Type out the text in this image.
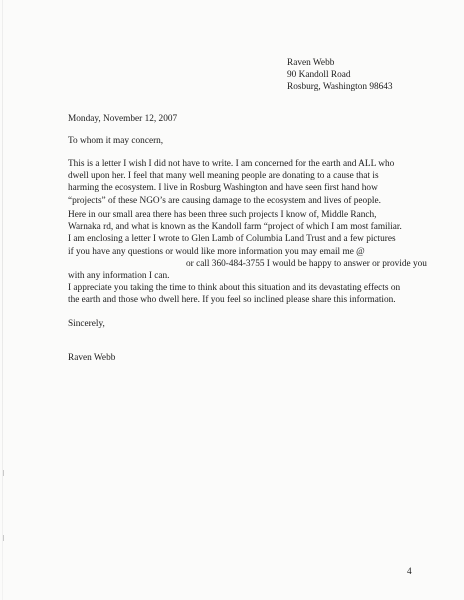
Raven Webb
90 Kandoll Road
Rosburg, Washington 98643
Monday, November 12, 2007
To whom it may concern,
This is a letter I wish I did not have to write. I am concerned for the earth and ALL who
dwell upon her. I feel that many well meaning people are donating to a cause that is
harming the ecosystem. I live in Rosburg Washington and have seen first hand how
“projects” of these NGO’s are causing damage to the ecosystem and lives of people.
Here in our small area there has been three such projects I know of, Middle Ranch,
Warnaka rd, and what is known as the Kandoll farm “project of which I am most familiar.
I am enclosing a letter I wrote to Glen Lamb of Columbia Land Trust and a few pictures
if you have any questions or would like more information you may email me @
or call 360-484-3755 I would be happy to answer or provide you
with any information I can.
I appreciate you taking the time to think about this situation and its devastating effects on
the earth and those who dwell here. If you feel so inclined please share this information.
Sincerely,
Raven Webb
4
